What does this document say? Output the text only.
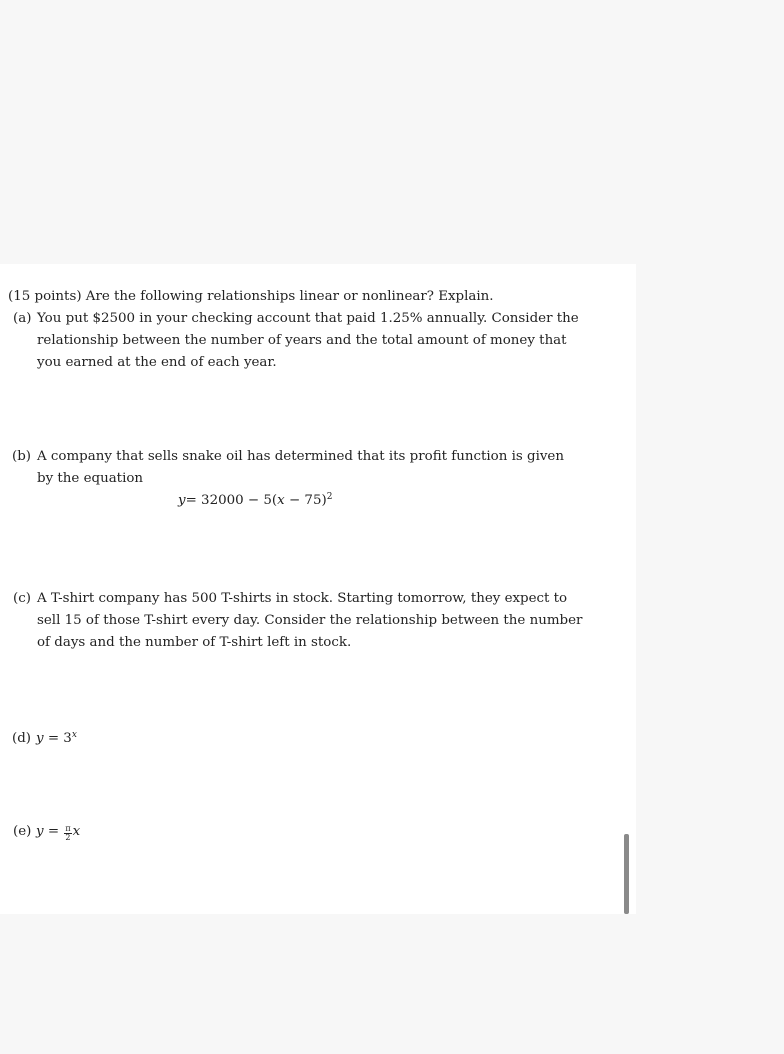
(15 points) Are the following relationships linear or nonlinear? Explain.
(a) You put $2500 in your checking account that paid 1.25% annually. Consider the
relationship between the number of years and the total amount of money that
you earned at the end of each year.
(b) A company that sells snake oil has determined that its profit function is given
by the equation
$y= 32000 - 5(x - 75)^2$
(c) A T-shirt company has 500 T-shirts in stock. Starting tomorrow, they expect to
sell 15 of those T-shirt every day. Consider the relationship between the number
of days and the number of T-shirt left in stock.
(d) $y = 3^x$
(e) $y = \frac{\pi}{2}$ x
